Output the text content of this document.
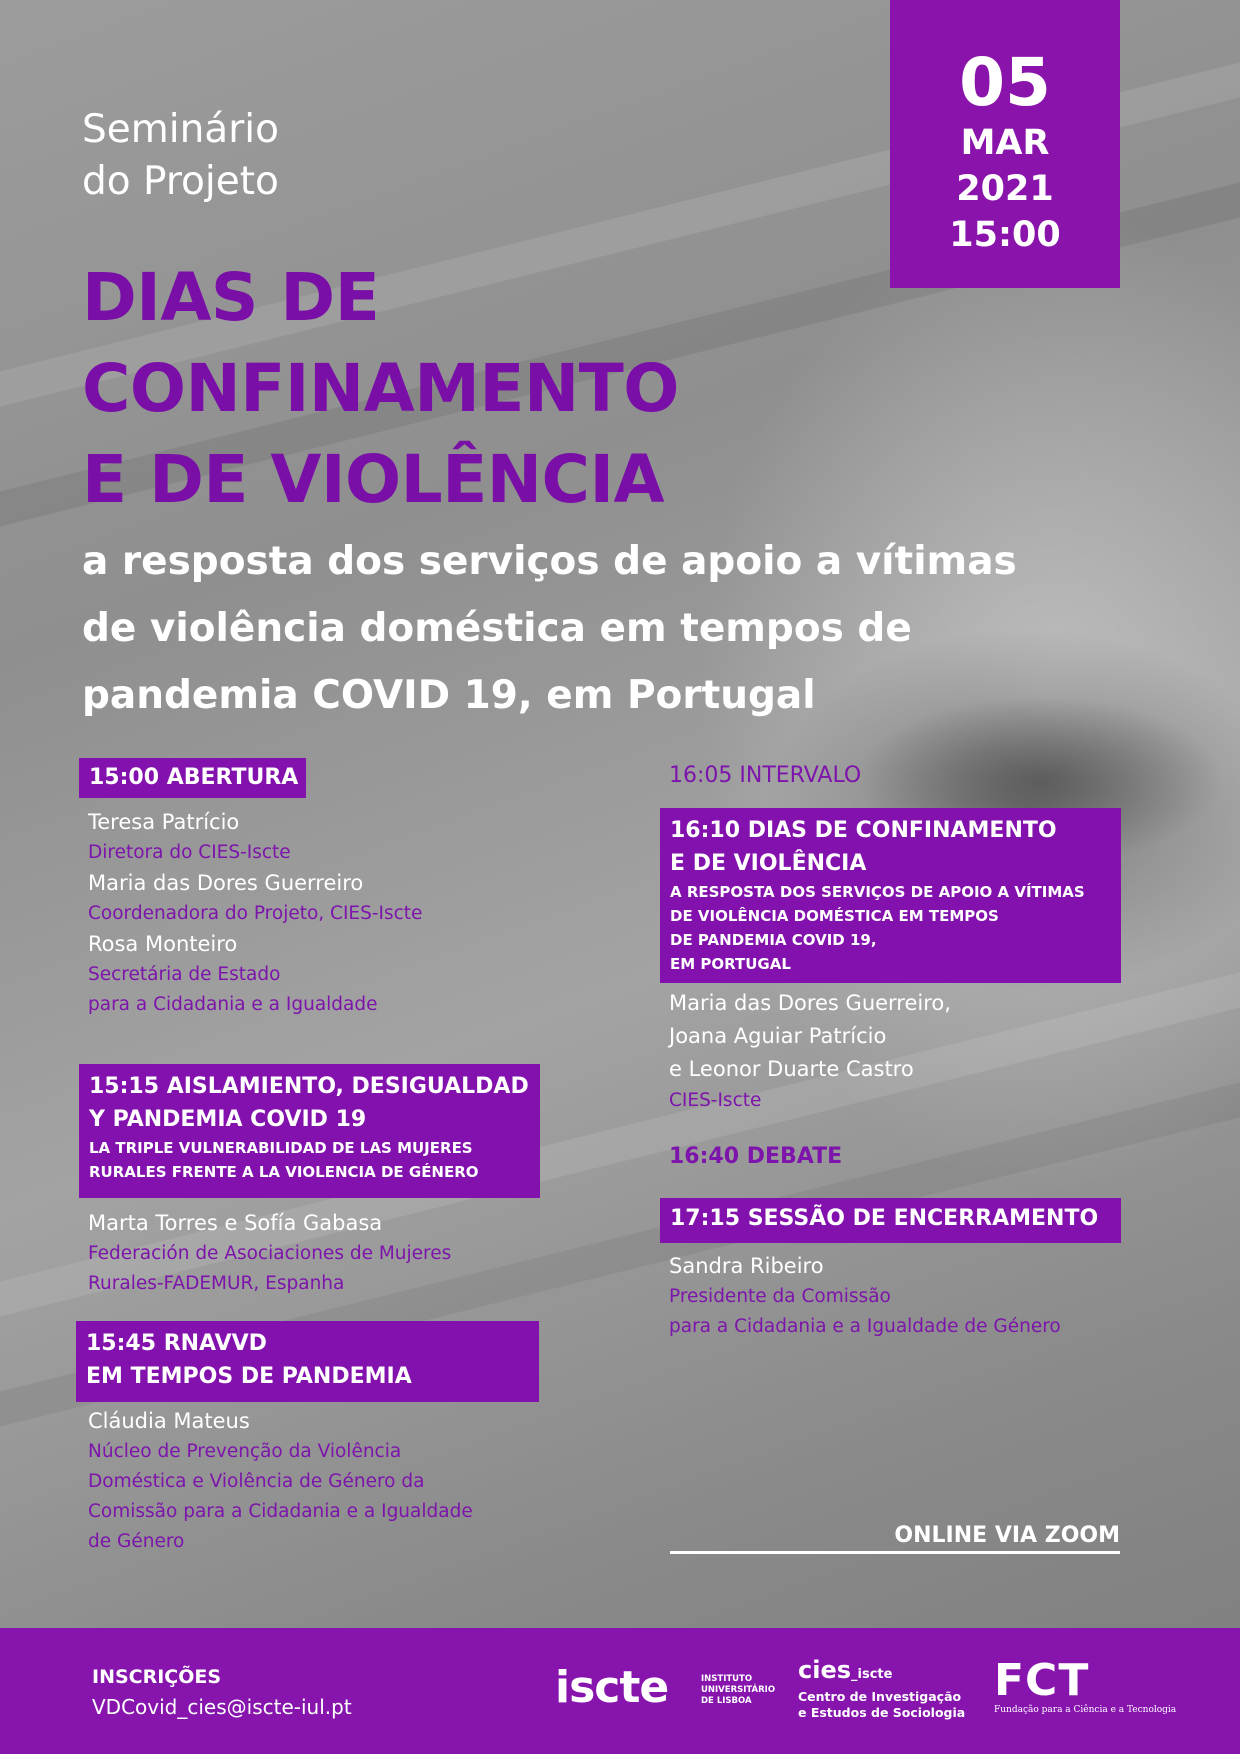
Seminário
do Projeto
05
MAR
2021
15:00
DIAS DE
CONFINAMENTO
E DE VIOLÊNCIA
a resposta dos serviços de apoio a vítimas
de violência doméstica em tempos de
pandemia COVID 19, em Portugal
15:00 ABERTURA
Teresa Patrício
Diretora do CIES-Iscte
Maria das Dores Guerreiro
Coordenadora do Projeto, CIES-Iscte
Rosa Monteiro
Secretária de Estado
para a Cidadania e a Igualdade
15:15 AISLAMIENTO, DESIGUALDAD
Y PANDEMIA COVID 19
LA TRIPLE VULNERABILIDAD DE LAS MUJERES
RURALES FRENTE A LA VIOLENCIA DE GÉNERO
Marta Torres e Sofía Gabasa
Federación de Asociaciones de Mujeres
Rurales-FADEMUR, Espanha
15:45 RNAVVD
EM TEMPOS DE PANDEMIA
Cláudia Mateus
Núcleo de Prevenção da Violência
Doméstica e Violência de Género da
Comissão para a Cidadania e a Igualdade
de Género
16:05 INTERVALO
16:10 DIAS DE CONFINAMENTO
E DE VIOLÊNCIA
A RESPOSTA DOS SERVIÇOS DE APOIO A VÍTIMAS
DE VIOLÊNCIA DOMÉSTICA EM TEMPOS
DE PANDEMIA COVID 19,
EM PORTUGAL
Maria das Dores Guerreiro,
Joana Aguiar Patrício
e Leonor Duarte Castro
CIES-Iscte
16:40 DEBATE
17:15 SESSÃO DE ENCERRAMENTO
Sandra Ribeiro
Presidente da Comissão
para a Cidadania e a Igualdade de Género
ONLINE VIA ZOOM
INSCRIÇÕES
VDCovid_cies@iscte-iul.pt	iscte	INSTITUTO
UNIVERSITÁRIO
DE LISBOA
cies_iscte
Centro de Investigação
e Estudos de Sociologia
FCT
Fundação para a Ciência e a Tecnologia
